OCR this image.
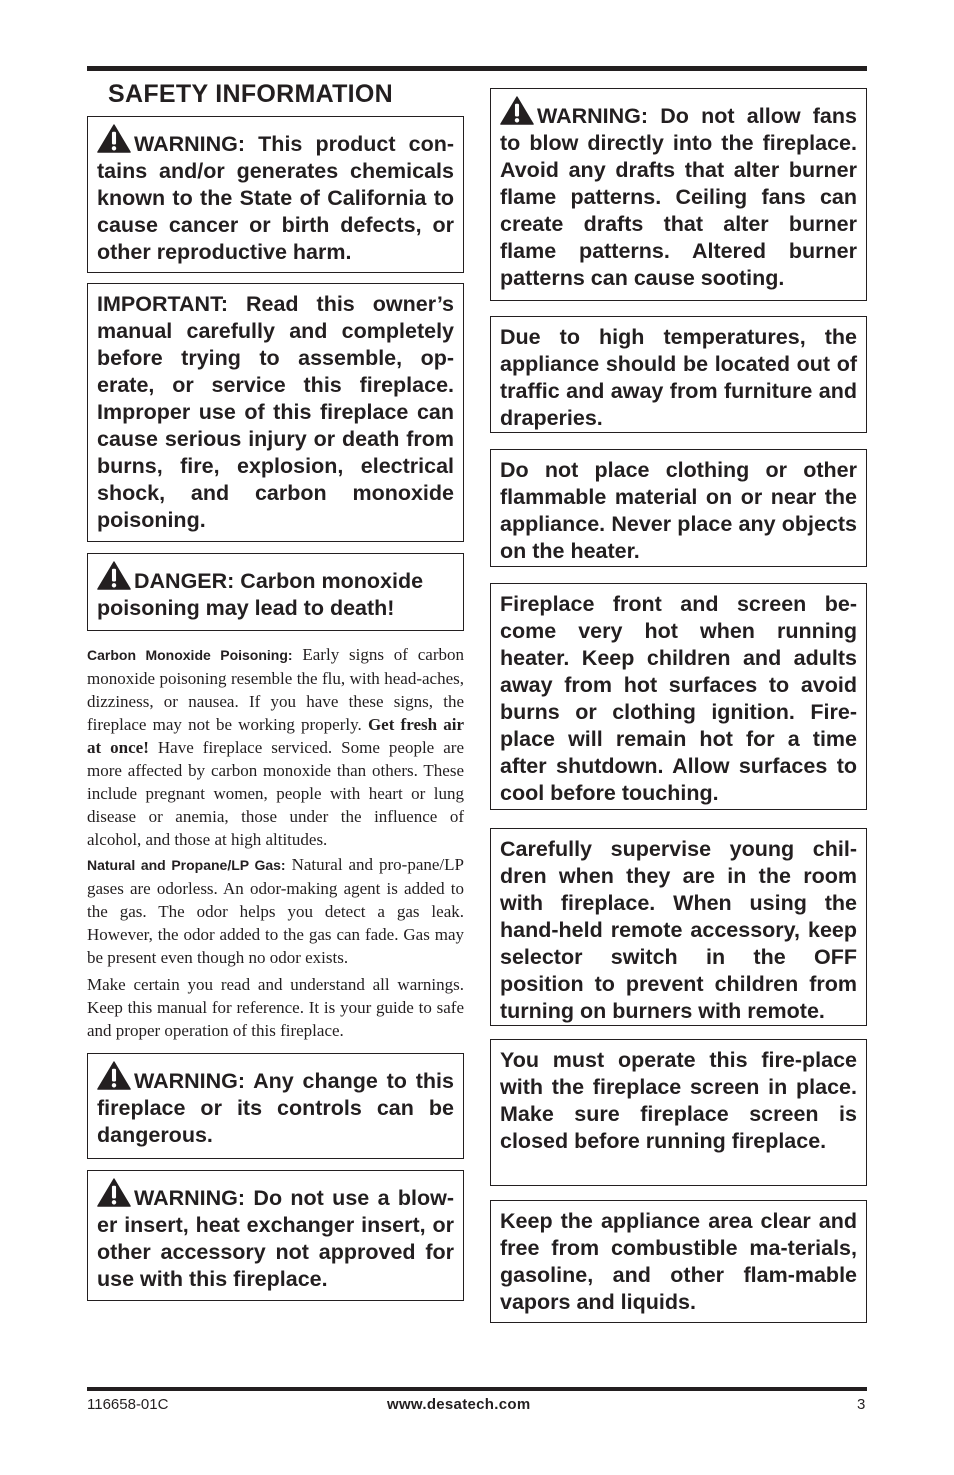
SAFETY INFORMATION
WARNING: This product con-tains and/or generates chemicals known to the State of California to cause cancer or birth defects, or other reproductive harm.
IMPORTANT: Read this owner’s manual carefully and completely before trying to assemble, op-erate, or service this fireplace. Improper use of this fireplace can cause serious injury or death from burns, fire, explosion, electrical shock, and carbon monoxide poisoning.
DANGER: Carbon monoxide poisoning may lead to death!

Carbon Monoxide Poisoning: Early signs of carbon monoxide poisoning resemble the flu, with head-aches, dizziness, or nausea. If you have these signs, the fireplace may not be working properly. Get fresh air at once! Have fireplace serviced. Some people are more affected by carbon monoxide than others. These include pregnant women, people with heart or lung disease or anemia, those under the influence of alcohol, and those at high altitudes.

Natural and Propane/LP Gas: Natural and pro-pane/LP gases are odorless. An odor-making agent is added to the gas. The odor helps you detect a gas leak. However, the odor added to the gas can fade. Gas may be present even though no odor exists.

Make certain you read and understand all warnings. Keep this manual for reference. It is your guide to safe and proper operation of this fireplace.

WARNING: Any change to this fireplace or its controls can be dangerous.
WARNING: Do not use a blow-er insert, heat exchanger insert, or other accessory not approved for use with this fireplace.
WARNING: Do not allow fans to blow directly into the fireplace. Avoid any drafts that alter burner flame patterns. Ceiling fans can create drafts that alter burner flame patterns. Altered burner patterns can cause sooting.
Due to high temperatures, the appliance should be located out of traffic and away from furniture and draperies.
Do not place clothing or other flammable material on or near the appliance. Never place any objects on the heater.
Fireplace front and screen be-come very hot when running heater. Keep children and adults away from hot surfaces to avoid burns or clothing ignition. Fire-place will remain hot for a time after shutdown. Allow surfaces to cool before touching.
Carefully supervise young chil-dren when they are in the room with fireplace. When using the hand-held remote accessory, keep selector switch in the OFF position to prevent children from turning on burners with remote.
You must operate this fire-place with the fireplace screen in place. Make sure fireplace screen is closed before running fireplace.
Keep the appliance area clear and free from combustible ma-terials, gasoline, and other flam-mable vapors and liquids.
116658-01C	www.desatech.com	3
